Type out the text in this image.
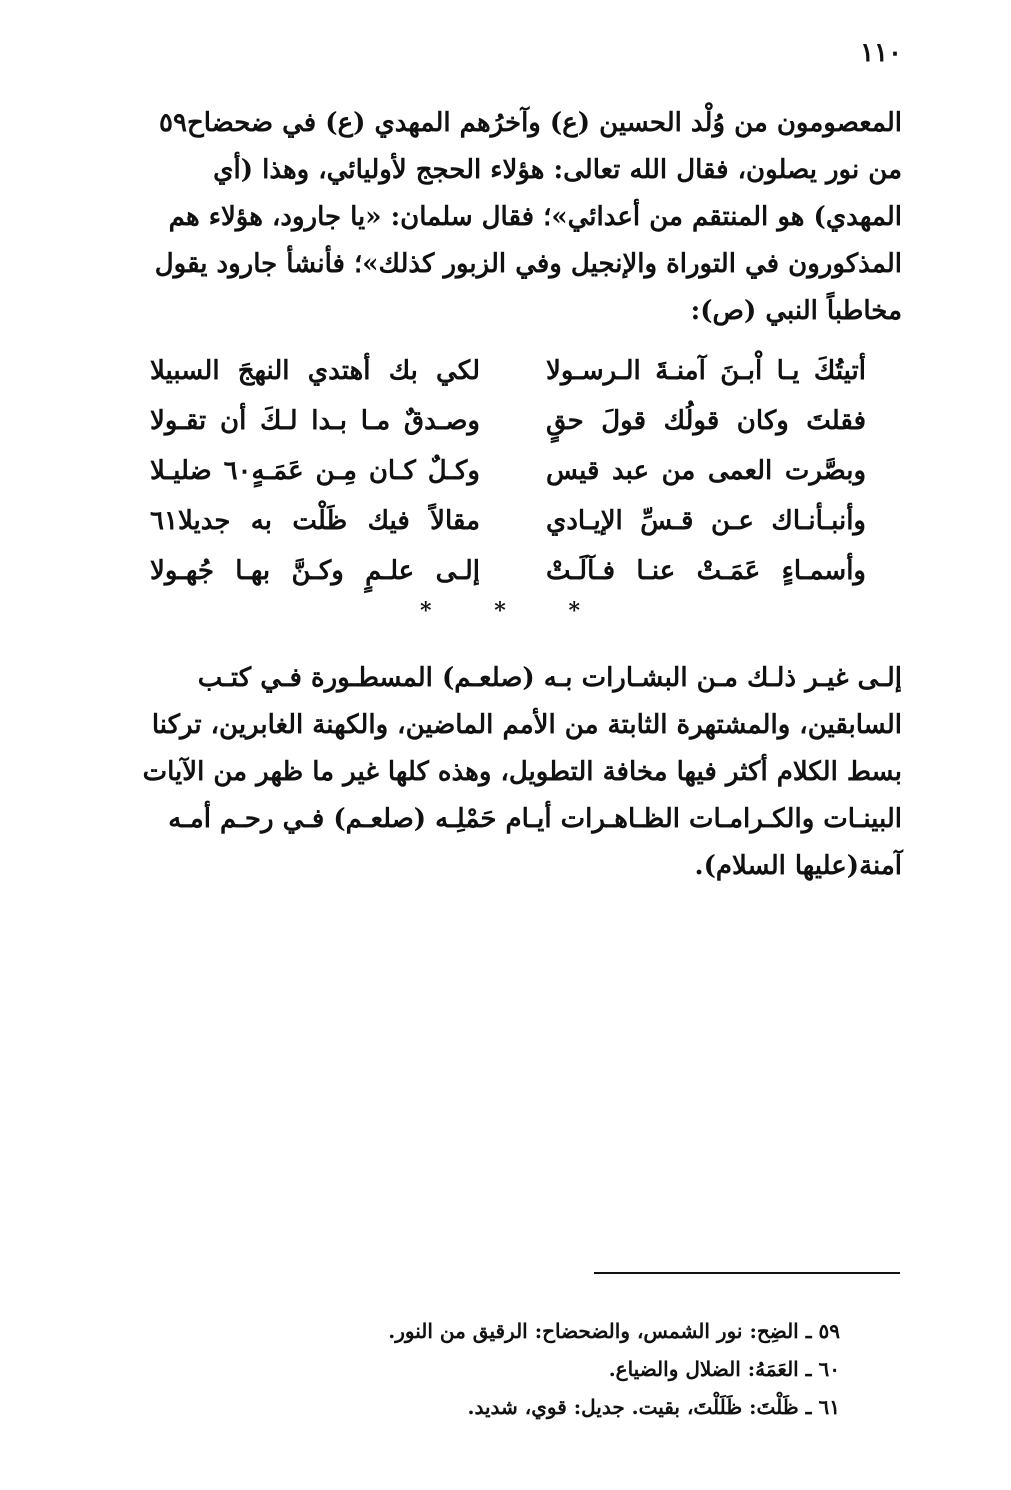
١١٠
المعصومون من وُلْد الحسين (ع) وآخرُهم المهدي (ع) في ضحضاح٥٩
من نور يصلون، فقال الله تعالى: هؤلاء الحجج لأوليائي، وهذا (أي
المهدي) هو المنتقم من أعدائي»؛ فقال سلمان: «يا جارود، هؤلاء هم
المذكورون في التوراة والإنجيل وفي الزبور كذلك»؛ فأنشأ جارود يقول
مخاطباً النبي (ص):
أتيتُكَ يـا اْبـنَ آمنـةَ الـرسـولا
لكي بك أهتدي النهجَ السبيلا
فقلتَ وكان قولُك قولَ حقٍ
وصـدقٌ مـا بـدا لـكَ أن تقـولا
وبصَّرت العمى من عبد قيس
وكـلٌ كـان مِـن عَمَـهٍ٦٠ ضليـلا
وأنبـأنـاك عـن قـسِّ الإيـادي
مقالاً فيك ظَلْت به جديلا٦١
وأسمـاءٍ عَمَـتْ عنـا فـآلَـتْ
إلـى علـمٍ وكـنَّ بهـا جُهـولا
*	*	*
إلـى غيـر ذلـك مـن البشـارات بـه (صلعـم) المسطـورة فـي كتـب
السابقين، والمشتهرة الثابتة من الأمم الماضين، والكهنة الغابرين، تركنا
بسط الكلام أكثر فيها مخافة التطويل، وهذه كلها غير ما ظهر من الآيات
البينـات والكـرامـات الظـاهـرات أيـام حَمْلِـه (صلعـم) فـي رحـم أمـه
آمنة(عليها السلام).
٥٩ ـ الضِح: نور الشمس، والضحضاح: الرقيق من النور.
٦٠ ـ العَمَهُ: الضلال والضياع.
٦١ ـ ظَلْتَ: ظَلَلْتَ، بقيت. جديل: قوي، شديد.
